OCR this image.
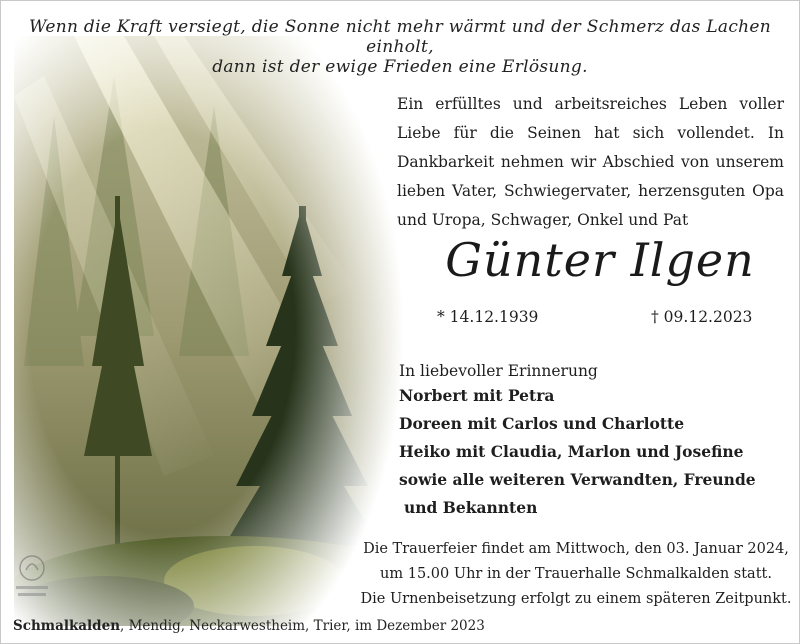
Wenn die Kraft versiegt, die Sonne nicht mehr wärmt und der Schmerz das Lachen einholt,
dann ist der ewige Frieden eine Erlösung.
Ein erfülltes und arbeitsreiches Leben voller Liebe für die Seinen hat sich vollendet. In Dankbarkeit nehmen wir Abschied von unserem lieben Vater, Schwiegervater, herzensguten Opa und Uropa, Schwager, Onkel und Pat
Günter Ilgen
* 14.12.1939	† 09.12.2023
In liebevoller Erinnerung
Norbert mit Petra
Doreen mit Carlos und Charlotte
Heiko mit Claudia, Marlon und Josefine
sowie alle weiteren Verwandten, Freunde
und Bekannten
Die Trauerfeier findet am Mittwoch, den 03. Januar 2024,
um 15.00 Uhr in der Trauerhalle Schmalkalden statt.
Die Urnenbeisetzung erfolgt zu einem späteren Zeitpunkt.
Schmalkalden, Mendig, Neckarwestheim, Trier, im Dezember 2023
